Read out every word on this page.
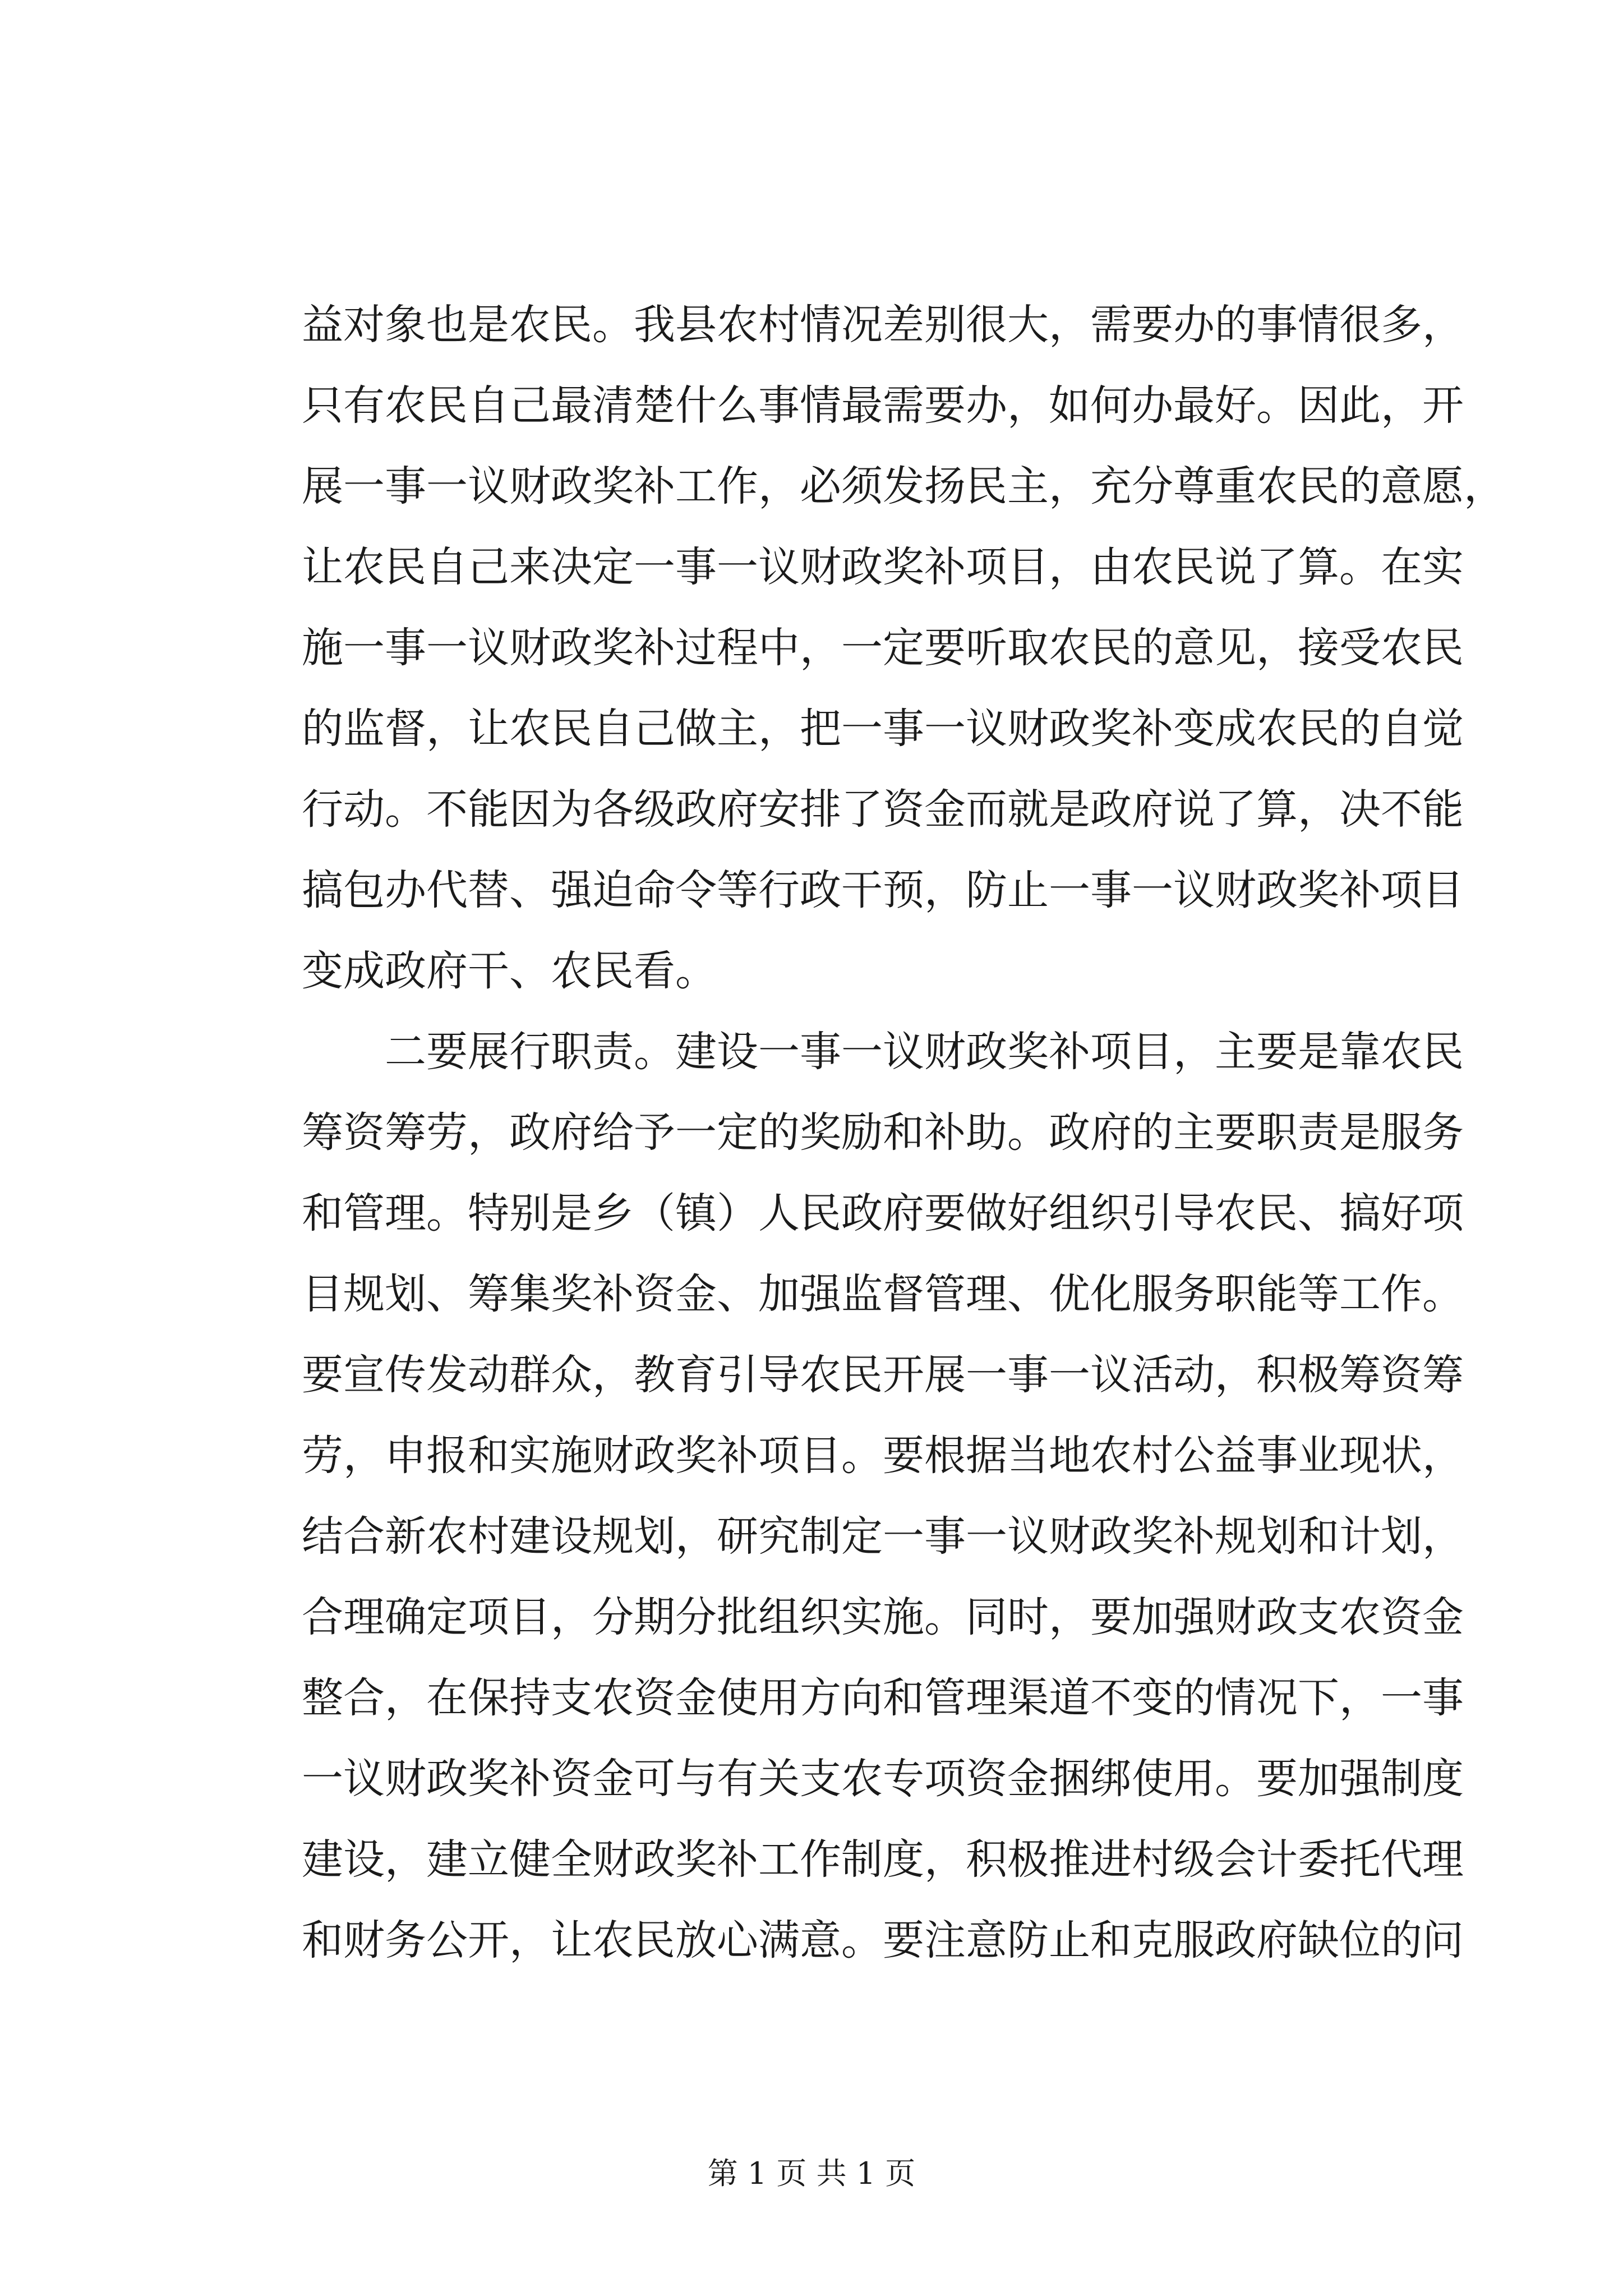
益对象也是农民。我县农村情况差别很大，需要办的事情很多，
只有农民自己最清楚什么事情最需要办，如何办最好。因此，开
展一事一议财政奖补工作，必须发扬民主，充分尊重农民的意愿，
让农民自己来决定一事一议财政奖补项目，由农民说了算。在实
施一事一议财政奖补过程中，一定要听取农民的意见，接受农民
的监督，让农民自己做主，把一事一议财政奖补变成农民的自觉
行动。不能因为各级政府安排了资金而就是政府说了算，决不能
搞包办代替、强迫命令等行政干预，防止一事一议财政奖补项目
变成政府干、农民看。
　　二要展行职责。建设一事一议财政奖补项目，主要是靠农民
筹资筹劳，政府给予一定的奖励和补助。政府的主要职责是服务
和管理。特别是乡（镇）人民政府要做好组织引导农民、搞好项
目规划、筹集奖补资金、加强监督管理、优化服务职能等工作。
要宣传发动群众，教育引导农民开展一事一议活动，积极筹资筹
劳，申报和实施财政奖补项目。要根据当地农村公益事业现状，
结合新农村建设规划，研究制定一事一议财政奖补规划和计划，
合理确定项目，分期分批组织实施。同时，要加强财政支农资金
整合，在保持支农资金使用方向和管理渠道不变的情况下，一事
一议财政奖补资金可与有关支农专项资金捆绑使用。要加强制度
建设，建立健全财政奖补工作制度，积极推进村级会计委托代理
和财务公开，让农民放心满意。要注意防止和克服政府缺位的问
第 1 页 共 1 页
